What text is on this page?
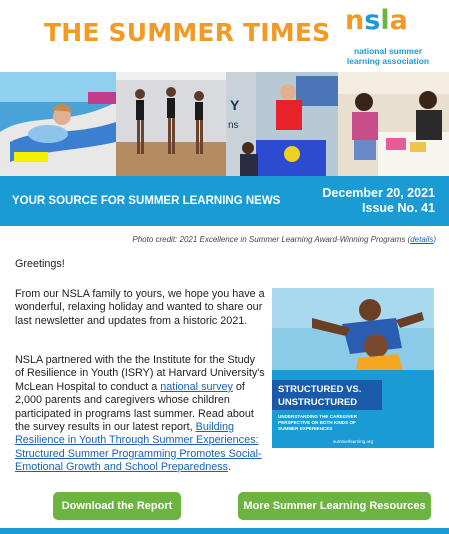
THE SUMMER TIMES nsla
national summer
learning association
Y
ns
YOUR SOURCE FOR SUMMER LEARNING NEWS
December 20, 2021
Issue No. 41
Photo credit: 2021 Excellence in Summer Learning Award-Winning Programs (details)
Greetings!
From our NSLA family to yours, we hope you have a wonderful, relaxing holiday and wanted to share our last newsletter and updates from a historic 2021.
NSLA partnered with the the Institute for the Study of Resilience in Youth (ISRY) at Harvard University's McLean Hospital to conduct a national survey of 2,000 parents and caregivers whose children participated in programs last summer. Read about the survey results in our latest report, Building Resilience in Youth Through Summer Experiences: Structured Summer Programming Promotes Social-Emotional Growth and School Preparedness.
STRUCTURED VS.
UNSTRUCTURED
UNDERSTANDING THE CAREGIVER
PERSPECTIVE ON BOTH KINDS OF
SUMMER EXPERIENCES
summerlearning.org
Download the Report	More Summer Learning Resources
